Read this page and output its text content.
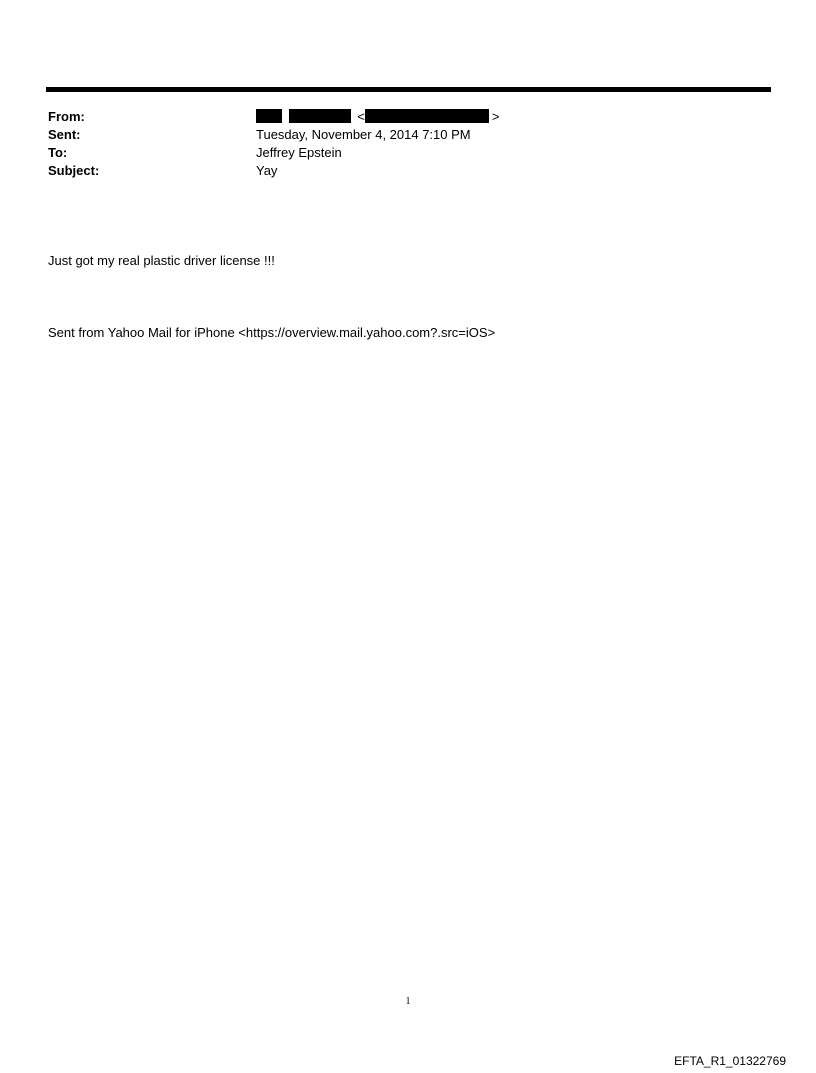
From:	<	>
Sent:	Tuesday, November 4, 2014 7:10 PM
To:	Jeffrey Epstein
Subject:	Yay
Just got my real plastic driver license !!!
Sent from Yahoo Mail for iPhone <https://overview.mail.yahoo.com?.src=iOS>
1
EFTA_R1_01322769
